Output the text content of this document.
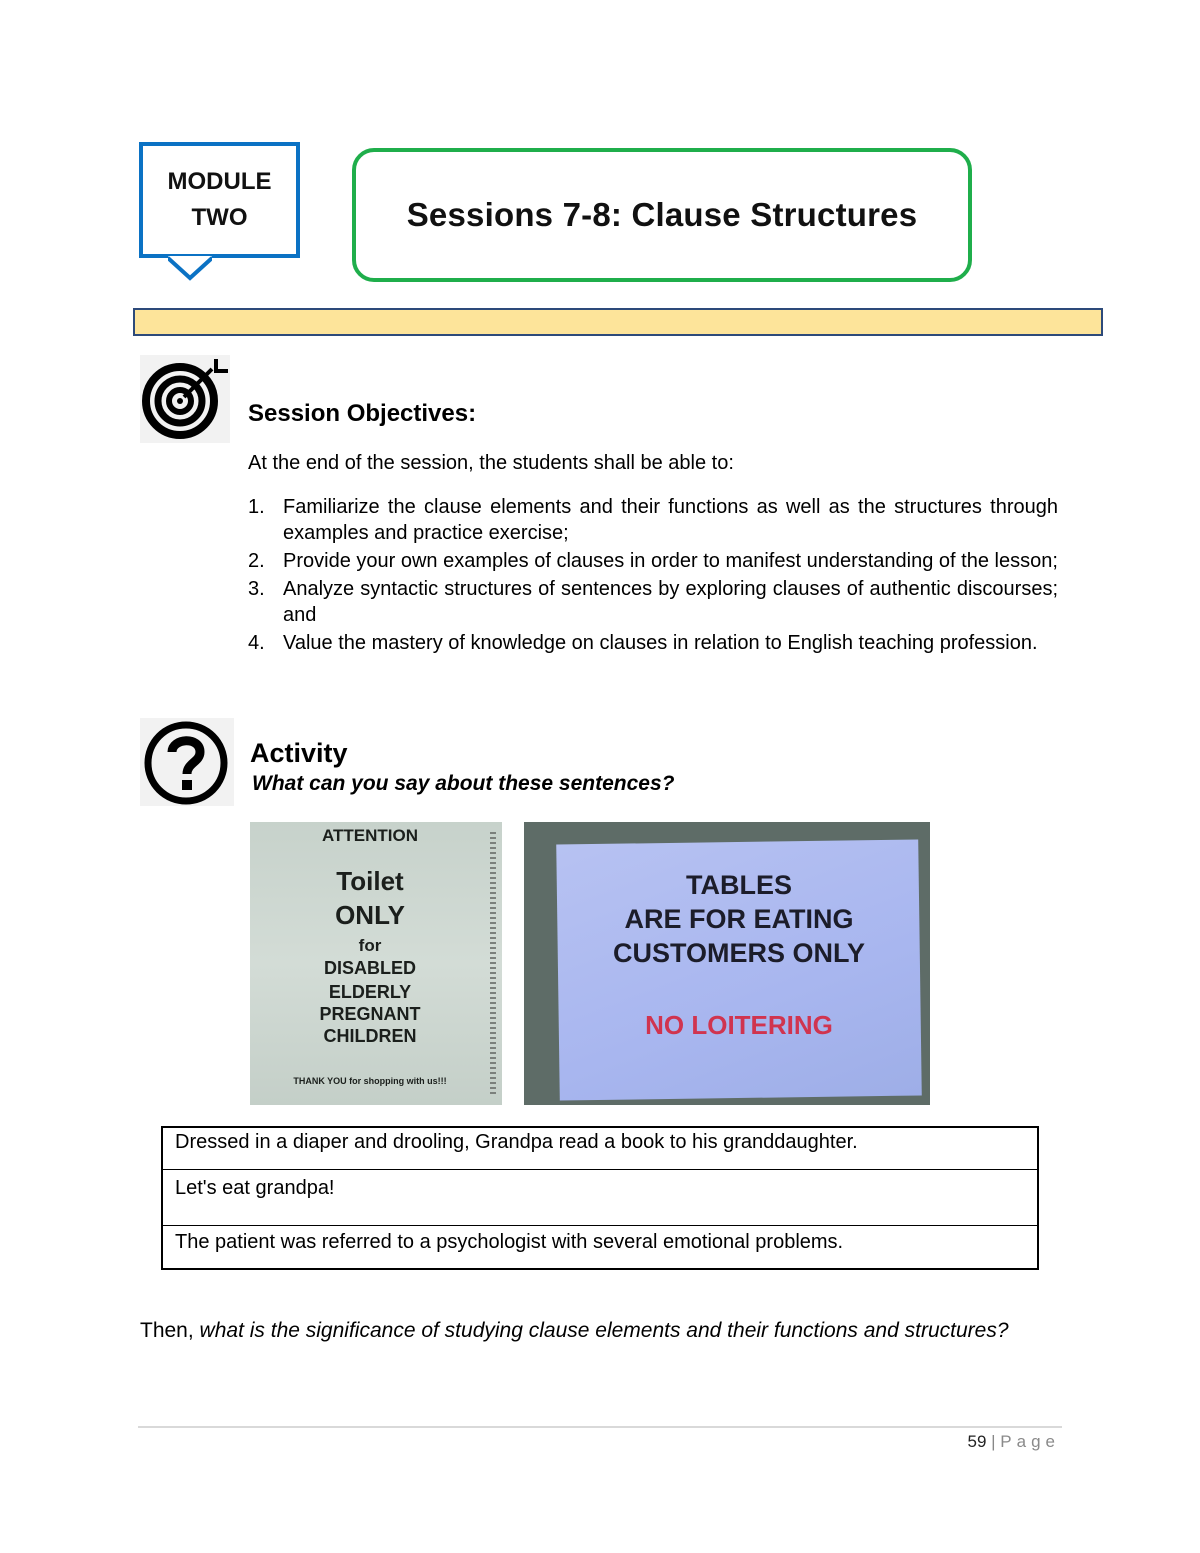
MODULE
TWO	Sessions 7-8: Clause Structures
Session Objectives:
At the end of the session, the students shall be able to:
1. Familiarize the clause elements and their functions as well as the structures through examples and practice exercise;
2. Provide your own examples of clauses in order to manifest understanding of the lesson;
3. Analyze syntactic structures of sentences by exploring clauses of authentic discourses; and
4. Value the mastery of knowledge on clauses in relation to English teaching profession.
Activity
What can you say about these sentences?
ATTENTION
Toilet
ONLY
for
DISABLED
ELDERLY
PREGNANT
CHILDREN
THANK YOU for shopping with us!!!
TABLES
ARE FOR EATING
CUSTOMERS ONLY
NO LOITERING
Dressed in a diaper and drooling, Grandpa read a book to his granddaughter.
Let's eat grandpa!
The patient was referred to a psychologist with several emotional problems.
Then, what is the significance of studying clause elements and their functions and structures?
59 | Page
